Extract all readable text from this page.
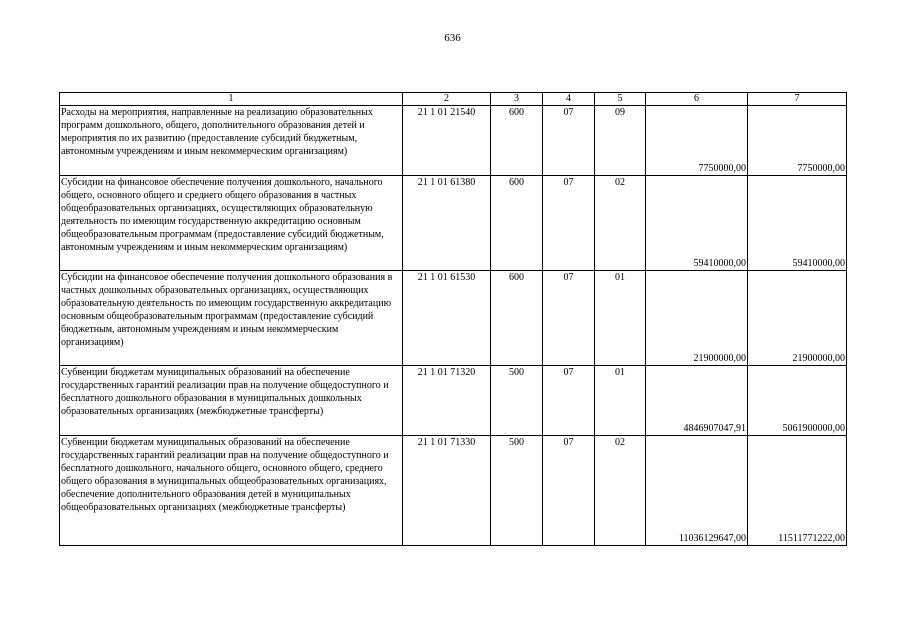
636
1	2	3	4	5	6	7
Расходы на мероприятия, направленные на реализацию образовательных программ дошкольного, общего, дополнительного образования детей и мероприятия по их развитию (предоставление субсидий бюджетным, автономным учреждениям и иным некоммерческим организациям)	21 1 01 21540	600	07	09	7750000,00	7750000,00
Субсидии на финансовое обеспечение получения дошкольного, начального общего, основного общего и среднего общего образования в частных общеобразовательных организациях, осуществляющих образовательную деятельность по имеющим государственную аккредитацию основным общеобразовательным программам (предоставление субсидий бюджетным, автономным учреждениям и иным некоммерческим организациям)	21 1 01 61380	600	07	02	59410000,00	59410000,00
Субсидии на финансовое обеспечение получения дошкольного образования в частных дошкольных образовательных организациях, осуществляющих образовательную деятельность по имеющим государственную аккредитацию основным общеобразовательным программам (предоставление субсидий бюджетным, автономным учреждениям и иным некоммерческим организациям)	21 1 01 61530	600	07	01	21900000,00	21900000,00
Субвенции бюджетам муниципальных образований на обеспечение государственных гарантий реализации прав на получение общедоступного и бесплатного дошкольного образования в муниципальных дошкольных образовательных организациях (межбюджетные трансферты)	21 1 01 71320	500	07	01	4846907047,91	5061900000,00
Субвенции бюджетам муниципальных образований на обеспечение государственных гарантий реализации прав на получение общедоступного и бесплатного дошкольного, начального общего, основного общего, среднего общего образования в муниципальных общеобразовательных организациях, обеспечение дополнительного образования детей в муниципальных общеобразовательных организациях (межбюджетные трансферты)	21 1 01 71330	500	07	02	11036129647,00	11511771222,00
